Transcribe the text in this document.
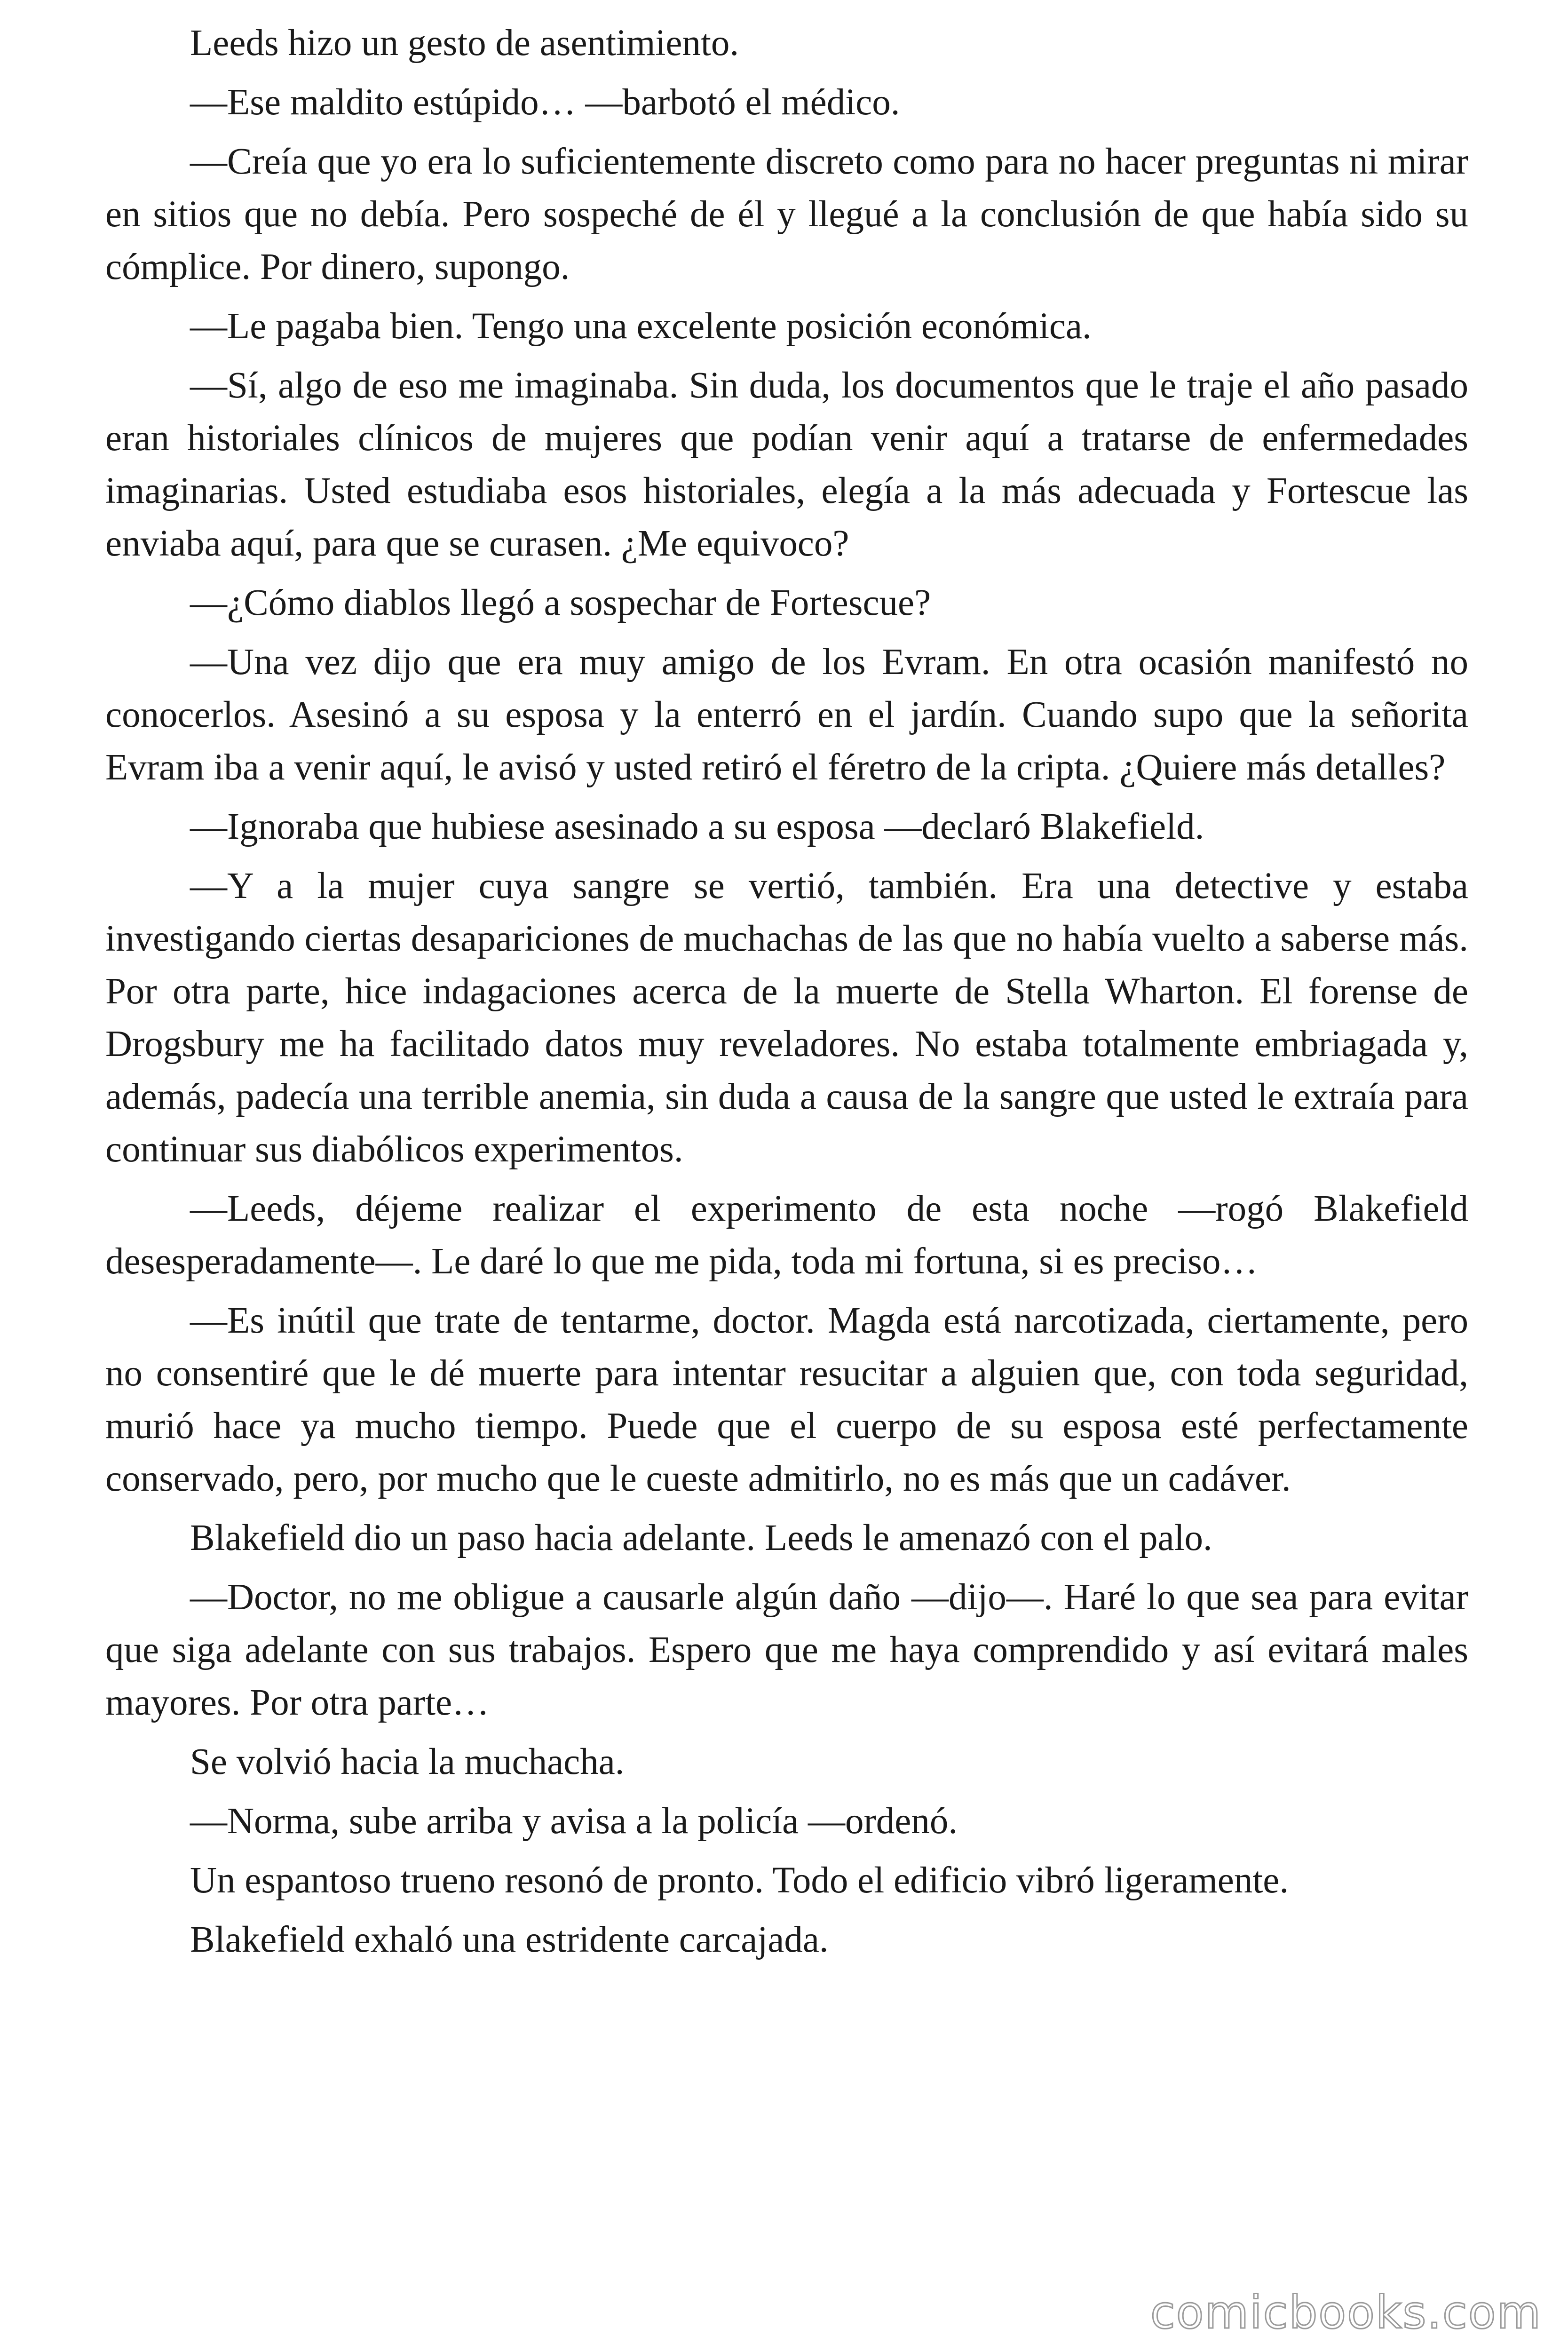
Leeds hizo un gesto de asentimiento.

—Ese maldito estúpido… —barbotó el médico.

—Creía que yo era lo suficientemente discreto como para no hacer preguntas ni mirar en sitios que no debía. Pero sospeché de él y llegué a la conclusión de que había sido su cómplice. Por dinero, supongo.

—Le pagaba bien. Tengo una excelente posición económica.

—Sí, algo de eso me imaginaba. Sin duda, los documentos que le traje el año pasado eran historiales clínicos de mujeres que podían venir aquí a tratarse de enfermedades imaginarias. Usted estudiaba esos historiales, elegía a la más adecuada y Fortescue las enviaba aquí, para que se curasen. ¿Me equivoco?

—¿Cómo diablos llegó a sospechar de Fortescue?

—Una vez dijo que era muy amigo de los Evram. En otra ocasión manifestó no conocerlos. Asesinó a su esposa y la enterró en el jardín. Cuando supo que la señorita Evram iba a venir aquí, le avisó y usted retiró el féretro de la cripta. ¿Quiere más detalles?

—Ignoraba que hubiese asesinado a su esposa —declaró Blakefield.

—Y a la mujer cuya sangre se vertió, también. Era una detective y estaba investigando ciertas desapariciones de muchachas de las que no había vuelto a saberse más. Por otra parte, hice indagaciones acerca de la muerte de Stella Wharton. El forense de Drogsbury me ha facilitado datos muy reveladores. No estaba totalmente embriagada y, además, padecía una terrible anemia, sin duda a causa de la sangre que usted le extraía para continuar sus diabólicos experimentos.

—Leeds, déjeme realizar el experimento de esta noche —rogó Blakefield desesperadamente—. Le daré lo que me pida, toda mi fortuna, si es preciso…

—Es inútil que trate de tentarme, doctor. Magda está narcotizada, ciertamente, pero no consentiré que le dé muerte para intentar resucitar a alguien que, con toda seguridad, murió hace ya mucho tiempo. Puede que el cuerpo de su esposa esté perfectamente conservado, pero, por mucho que le cueste admitirlo, no es más que un cadáver.

Blakefield dio un paso hacia adelante. Leeds le amenazó con el palo.

—Doctor, no me obligue a causarle algún daño —dijo—. Haré lo que sea para evitar que siga adelante con sus trabajos. Espero que me haya comprendido y así evitará males mayores. Por otra parte…

Se volvió hacia la muchacha.

—Norma, sube arriba y avisa a la policía —ordenó.

Un espantoso trueno resonó de pronto. Todo el edificio vibró ligeramente.

Blakefield exhaló una estridente carcajada.

comicbooks.com
